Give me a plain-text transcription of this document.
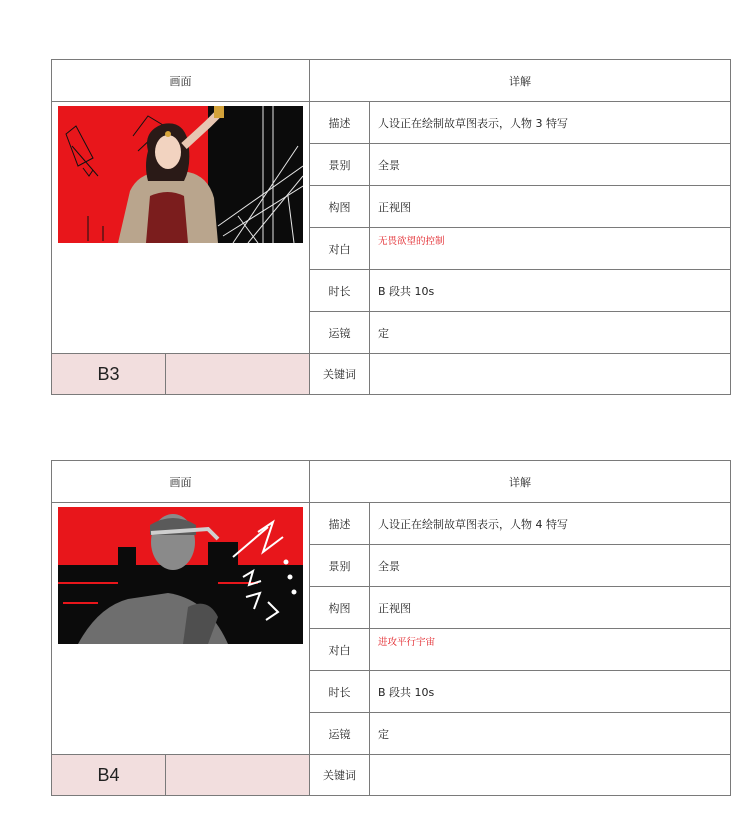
画面		详解	

	描述	人设正在绘制故草图表示，人物 3 特写
		景别	全景
		构图	正视图
		对白	无畏欲望的控制
		时长	B 段共 10s
		运镜	定
B3		关键词	
画面		详解	

	描述	人设正在绘制故草图表示，人物 4 特写
		景别	全景
		构图	正视图
		对白	进攻平行宇宙
		时长	B 段共 10s
		运镜	定
B4		关键词	
